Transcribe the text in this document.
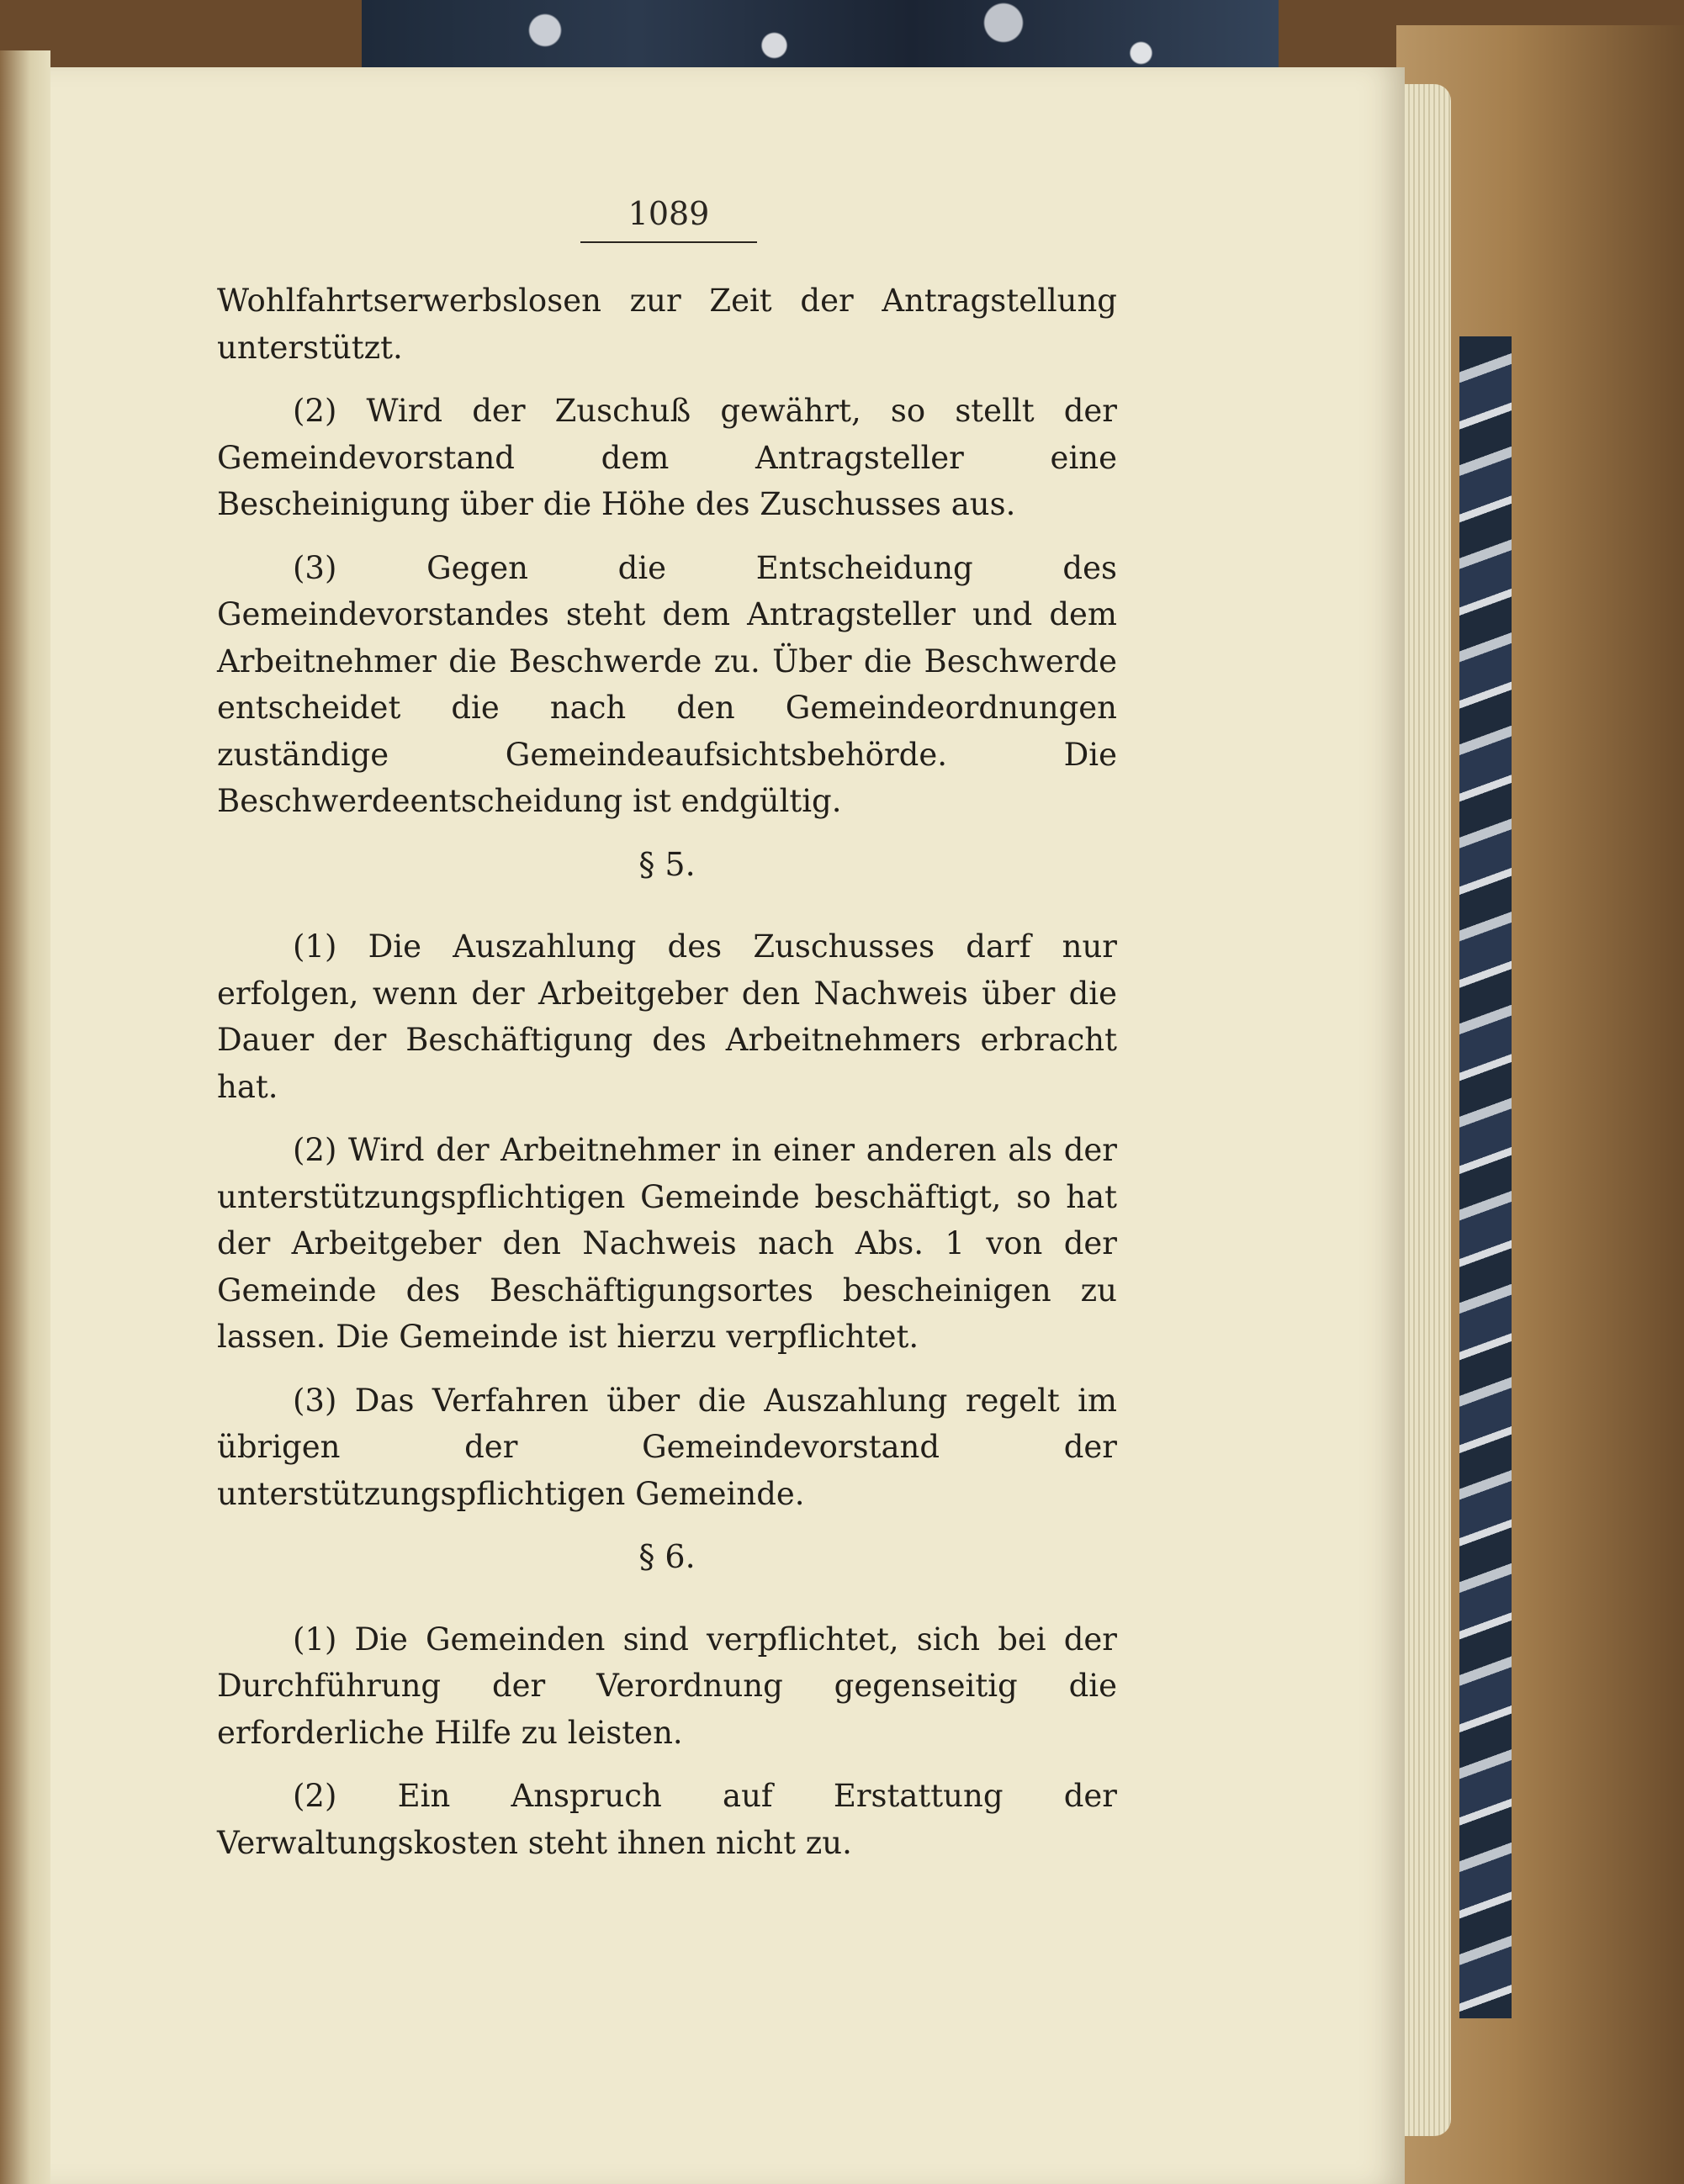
1089

Wohlfahrtserwerbslosen zur Zeit der Antragstellung unterstützt.

(2) Wird der Zuschuß gewährt, so stellt der Gemeindevorstand dem Antragsteller eine Bescheinigung über die Höhe des Zuschusses aus.

(3) Gegen die Entscheidung des Gemeindevorstandes steht dem Antragsteller und dem Arbeitnehmer die Beschwerde zu. Über die Beschwerde entscheidet die nach den Gemeindeordnungen zuständige Gemeindeaufsichtsbehörde. Die Beschwerdeentscheidung ist endgültig.

§ 5.

(1) Die Auszahlung des Zuschusses darf nur erfolgen, wenn der Arbeitgeber den Nachweis über die Dauer der Beschäftigung des Arbeitnehmers erbracht hat.

(2) Wird der Arbeitnehmer in einer anderen als der unterstützungspflichtigen Gemeinde beschäftigt, so hat der Arbeitgeber den Nachweis nach Abs. 1 von der Gemeinde des Beschäftigungsortes bescheinigen zu lassen. Die Gemeinde ist hierzu verpflichtet.

(3) Das Verfahren über die Auszahlung regelt im übrigen der Gemeindevorstand der unterstützungspflichtigen Gemeinde.

§ 6.

(1) Die Gemeinden sind verpflichtet, sich bei der Durchführung der Verordnung gegenseitig die erforderliche Hilfe zu leisten.

(2) Ein Anspruch auf Erstattung der Verwaltungskosten steht ihnen nicht zu.
